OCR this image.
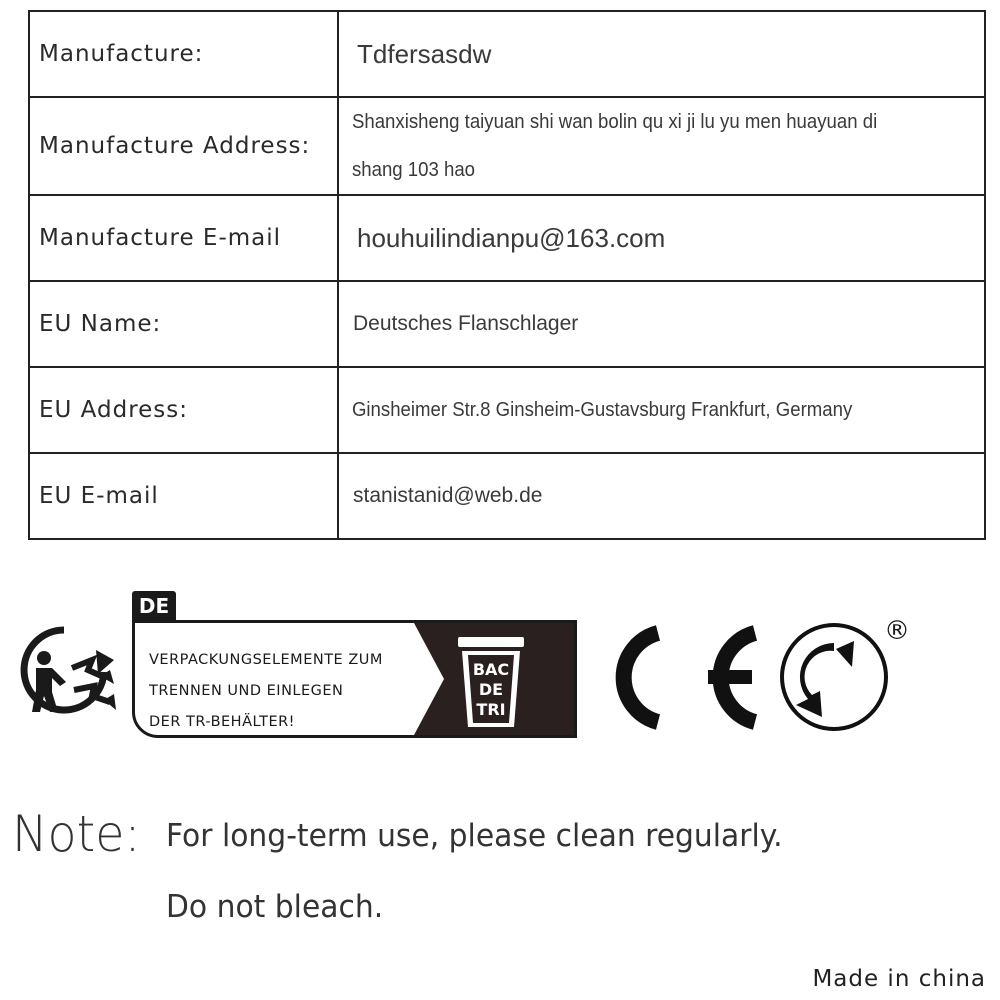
Manufacture:	Tdfersasdw
Manufacture Address:	Shanxisheng taiyuan shi wan bolin qu xi ji lu yu men huayuan di shang 103 hao
Manufacture E-mail	houhuilindianpu@163.com
EU Name:	Deutsches Flanschlager
EU Address:	Ginsheimer Str.8 Ginsheim-Gustavsburg Frankfurt, Germany
EU E-mail	stanistanid@web.de
DE
VERPACKUNGSELEMENTE ZUM
TRENNEN UND EINLEGEN
DER TR-BEHÄLTER!
BAC
DE
TRI
®
Note: For long-term use, please clean regularly.
Do not bleach.
Made in china
